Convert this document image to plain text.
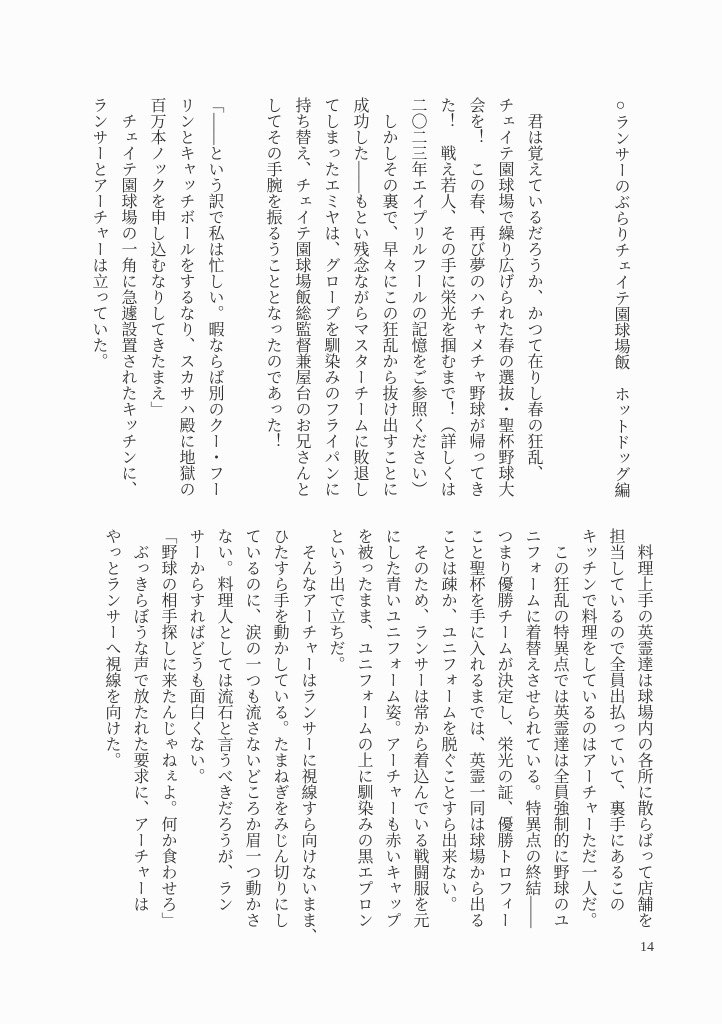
○ランサーのぶらりチェイテ園球場飯　ホットドッグ編

　君は覚えているだろうか、かつて在りし春の狂乱、

チェイテ園球場で繰り広げられた春の選抜・聖杯野球大

会を！　この春、再び夢のハチャメチャ野球が帰ってき

た！　戦え若人、その手に栄光を掴むまで！（詳しくは

二〇二三年エイプリルフールの記憶をご参照ください）

　しかしその裏で、早々にこの狂乱から抜け出すことに

成功した――もとい残念ながらマスターチームに敗退し

てしまったエミヤは、グローブを馴染みのフライパンに

持ち替え、チェイテ園球場飯総監督兼屋台のお兄さんと

してその手腕を振るうこととなったのであった！

「――という訳で私は忙しい。暇ならば別のクー・フー

リンとキャッチボールをするなり、スカサハ殿に地獄の

百万本ノックを申し込むなりしてきたまえ」

　チェイテ園球場の一角に急遽設置されたキッチンに、

ランサーとアーチャーは立っていた。

　料理上手の英霊達は球場内の各所に散らばって店舗を

担当しているので全員出払っていて、裏手にあるこの

キッチンで料理をしているのはアーチャーただ一人だ。

　この狂乱の特異点では英霊達は全員強制的に野球のユ

ニフォームに着替えさせられている。特異点の終結――

つまり優勝チームが決定し、栄光の証、優勝トロフィー

こと聖杯を手に入れるまでは、英霊一同は球場から出る

ことは疎か、ユニフォームを脱ぐことすら出来ない。

　そのため、ランサーは常から着込んでいる戦闘服を元

にした青いユニフォーム姿。アーチャーも赤いキャップ

を被ったまま、ユニフォームの上に馴染みの黒エプロン

という出で立ちだ。

　そんなアーチャーはランサーに視線すら向けないまま、

ひたすら手を動かしている。たまねぎをみじん切りにし

ているのに、涙の一つも流さないどころか眉一つ動かさ

ない。料理人としては流石と言うべきだろうが、ラン

サーからすればどうも面白くない。

「野球の相手探しに来たんじゃねぇよ。何か食わせろ」

　ぶっきらぼうな声で放たれた要求に、アーチャーは

やっとランサーへ視線を向けた。

14
